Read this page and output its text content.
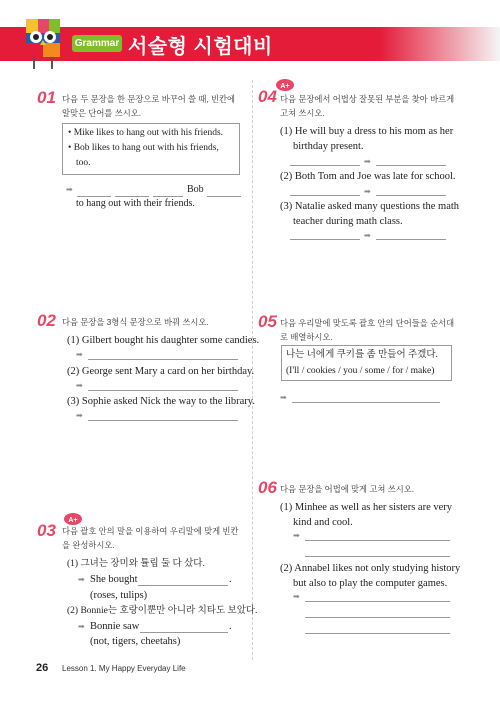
Grammar 서술형 시험대비
01 다음 두 문장을 한 문장으로 바꾸어 쓸 때, 빈칸에 알맞은 단어를 쓰시오.
• Mike likes to hang out with his friends.
• Bob likes to hang out with his friends,
too.
➡	Bob
to hang out with their friends.
02 다음 문장을 3형식 문장으로 바꿔 쓰시오.
(1) Gilbert bought his daughter some candies.
➡
(2) George sent Mary a card on her birthday.
➡
(3) Sophie asked Nick the way to the library.
➡
A+
03 다음 괄호 안의 말을 이용하여 우리말에 맞게 빈칸을 완성하시오.
(1) 그녀는 장미와 튤립 둘 다 샀다.
➡ She bought	.
(roses, tulips)
(2) Bonnie는 호랑이뿐만 아니라 치타도 보았다.
➡ Bonnie saw	.
(not, tigers, cheetahs)
A+
04 다음 문장에서 어법상 잘못된 부분을 찾아 바르게 고쳐 쓰시오.
(1) He will buy a dress to his mom as her
birthday present.
➡
(2) Both Tom and Joe was late for school.
➡
(3) Natalie asked many questions the math
teacher during math class.
➡
05 다음 우리말에 맞도록 괄호 안의 단어들을 순서대로 배열하시오.
나는 너에게 쿠키를 좀 만들어 주겠다.
(I'll / cookies / you / some / for / make)
➡
06 다음 문장을 어법에 맞게 고쳐 쓰시오.
(1) Minhee as well as her sisters are very
kind and cool.
➡
(2) Annabel likes not only studying history
but also to play the computer games.
➡
26 Lesson 1. My Happy Everyday Life
